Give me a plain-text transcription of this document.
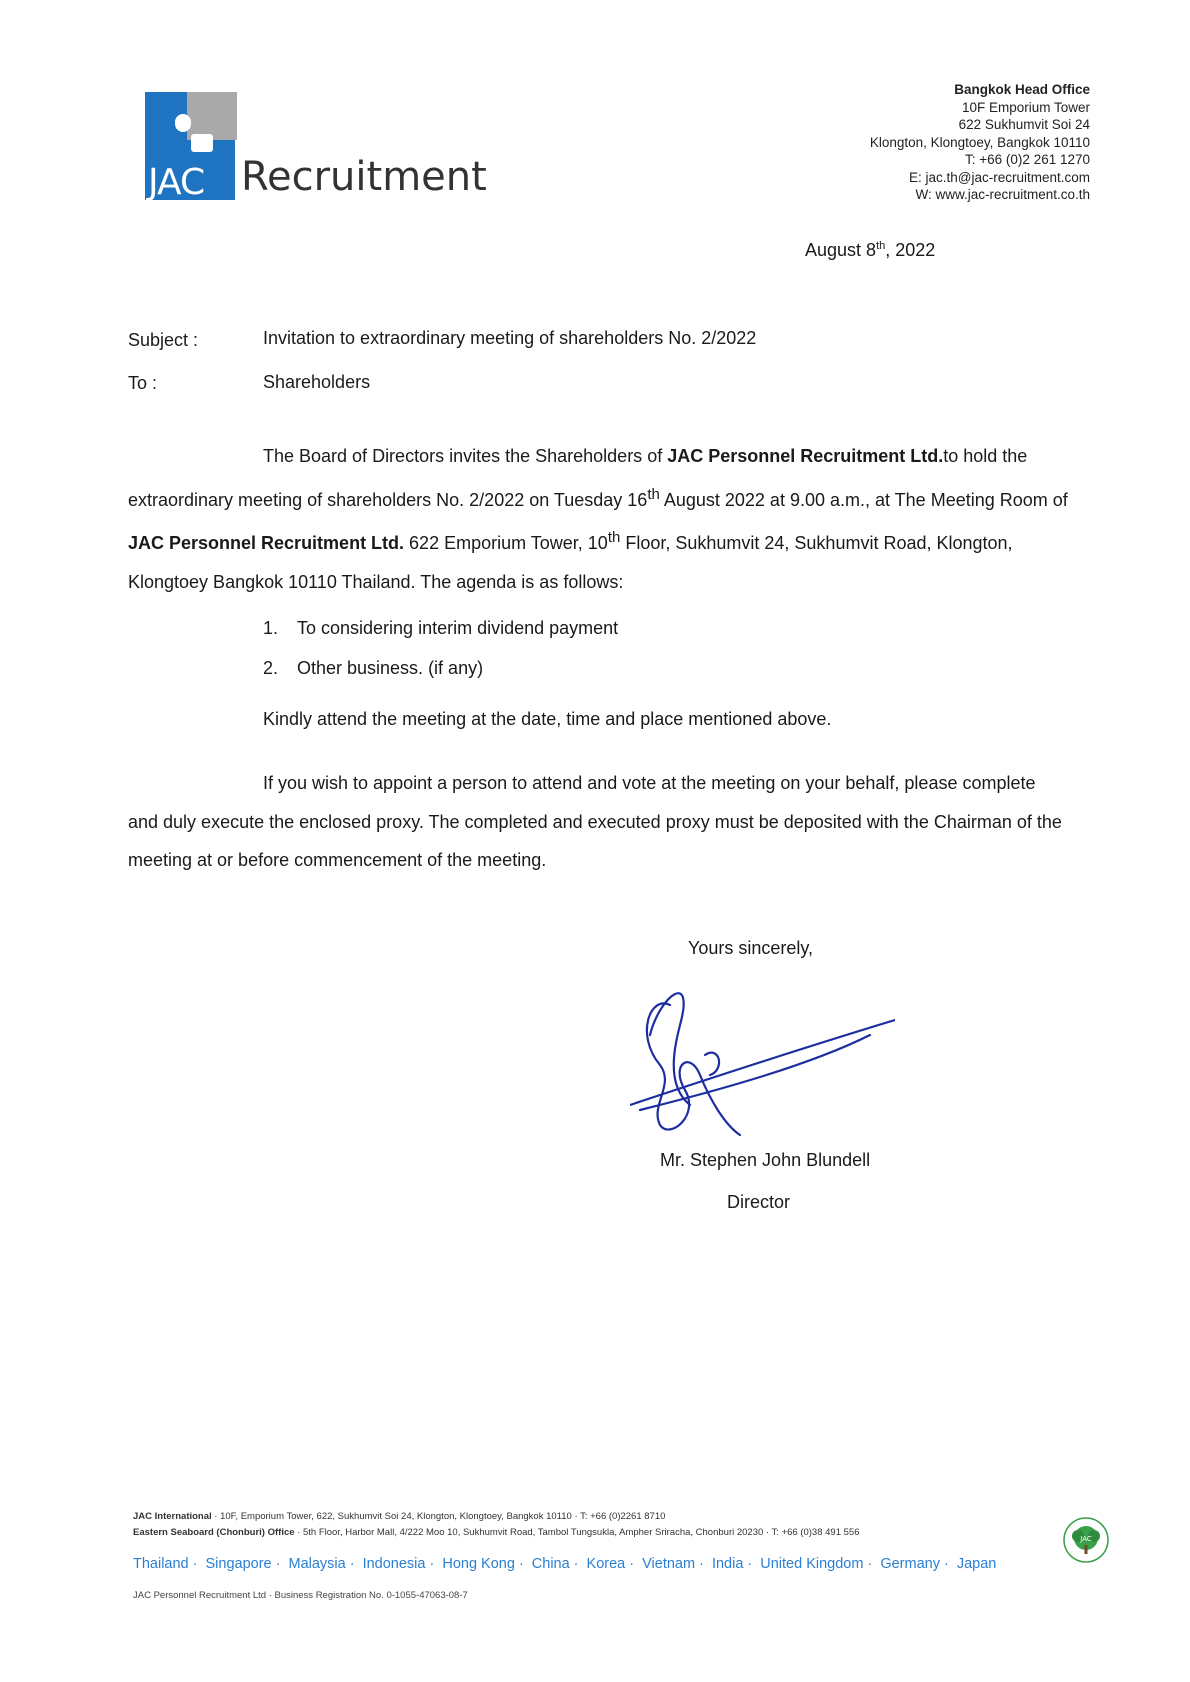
JAC Recruitment
Bangkok Head Office
10F Emporium Tower
622 Sukhumvit Soi 24
Klongton, Klongtoey, Bangkok 10110
T: +66 (0)2 261 1270
E: jac.th@jac-recruitment.com
W: www.jac-recruitment.co.th
August 8th, 2022
Subject :	Invitation to extraordinary meeting of shareholders No. 2/2022
To :	Shareholders
The Board of Directors invites the Shareholders of JAC Personnel Recruitment Ltd.to hold the extraordinary meeting of shareholders No. 2/2022 on Tuesday 16th August 2022 at 9.00 a.m., at The Meeting Room of JAC Personnel Recruitment Ltd. 622 Emporium Tower, 10th Floor, Sukhumvit 24, Sukhumvit Road, Klongton, Klongtoey Bangkok 10110 Thailand. The agenda is as follows:
1. To considering interim dividend payment
2. Other business. (if any)
Kindly attend the meeting at the date, time and place mentioned above.
If you wish to appoint a person to attend and vote at the meeting on your behalf, please complete and duly execute the enclosed proxy. The completed and executed proxy must be deposited with the Chairman of the meeting at or before commencement of the meeting.
Yours sincerely,
Mr. Stephen John Blundell
Director
JAC International · 10F, Emporium Tower, 622, Sukhumvit Soi 24, Klongton, Klongtoey, Bangkok 10110 · T: +66 (0)2261 8710
Eastern Seaboard (Chonburi) Office · 5th Floor, Harbor Mall, 4/222 Moo 10, Sukhumvit Road, Tambol Tungsukla, Ampher Sriracha, Chonburi 20230 · T: +66 (0)38 491 556
Thailand · Singapore · Malaysia · Indonesia · Hong Kong · China · Korea · Vietnam · India · United Kingdom · Germany · Japan
JAC Personnel Recruitment Ltd · Business Registration No. 0-1055-47063-08-7
JAC
